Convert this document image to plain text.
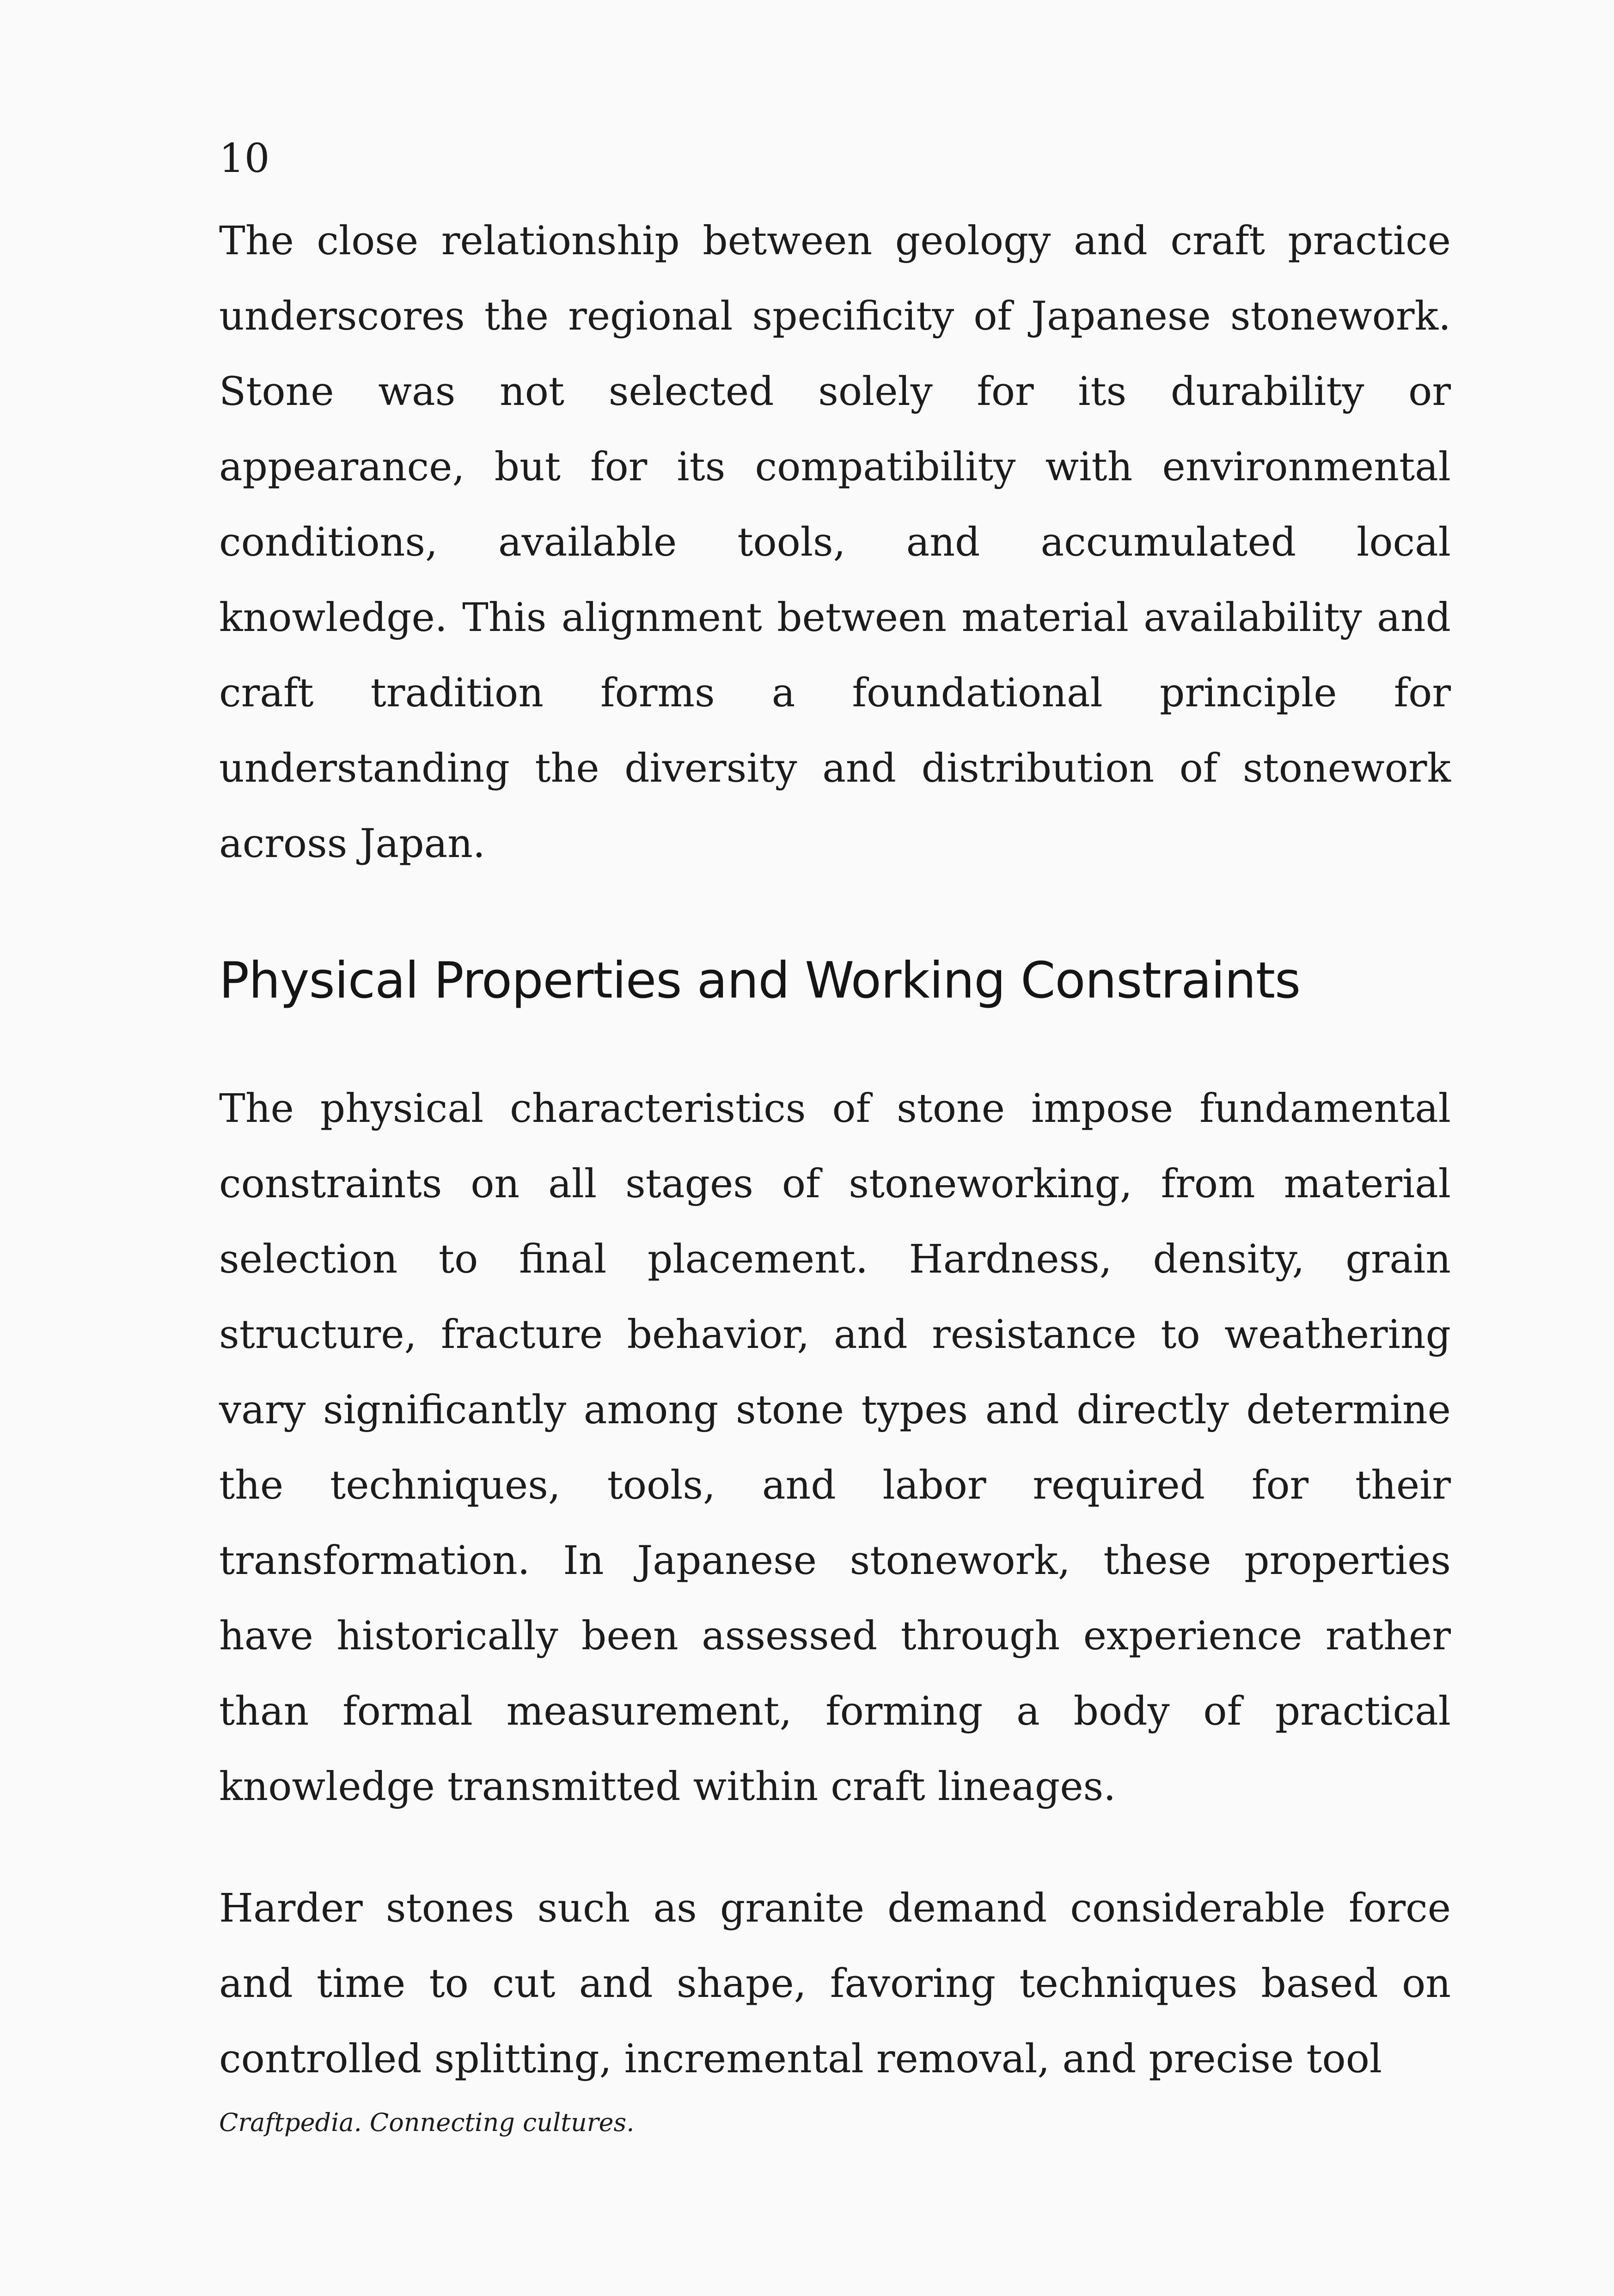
10

The close relationship between geology and craft practice underscores the regional specificity of Japanese stonework. Stone was not selected solely for its durability or appearance, but for its compatibility with environmental conditions, available tools, and accumulated local knowledge. This alignment between material availability and craft tradition forms a foundational principle for understanding the diversity and distribution of stonework across Japan.

Physical Properties and Working Constraints

The physical characteristics of stone impose fundamental constraints on all stages of stoneworking, from material selection to final placement. Hardness, density, grain structure, fracture behavior, and resistance to weathering vary significantly among stone types and directly determine the techniques, tools, and labor required for their transformation. In Japanese stonework, these properties have historically been assessed through experience rather than formal measurement, forming a body of practical knowledge transmitted within craft lineages.

Harder stones such as granite demand considerable force and time to cut and shape, favoring techniques based on controlled splitting, incremental removal, and precise tool

Craftpedia. Connecting cultures.
